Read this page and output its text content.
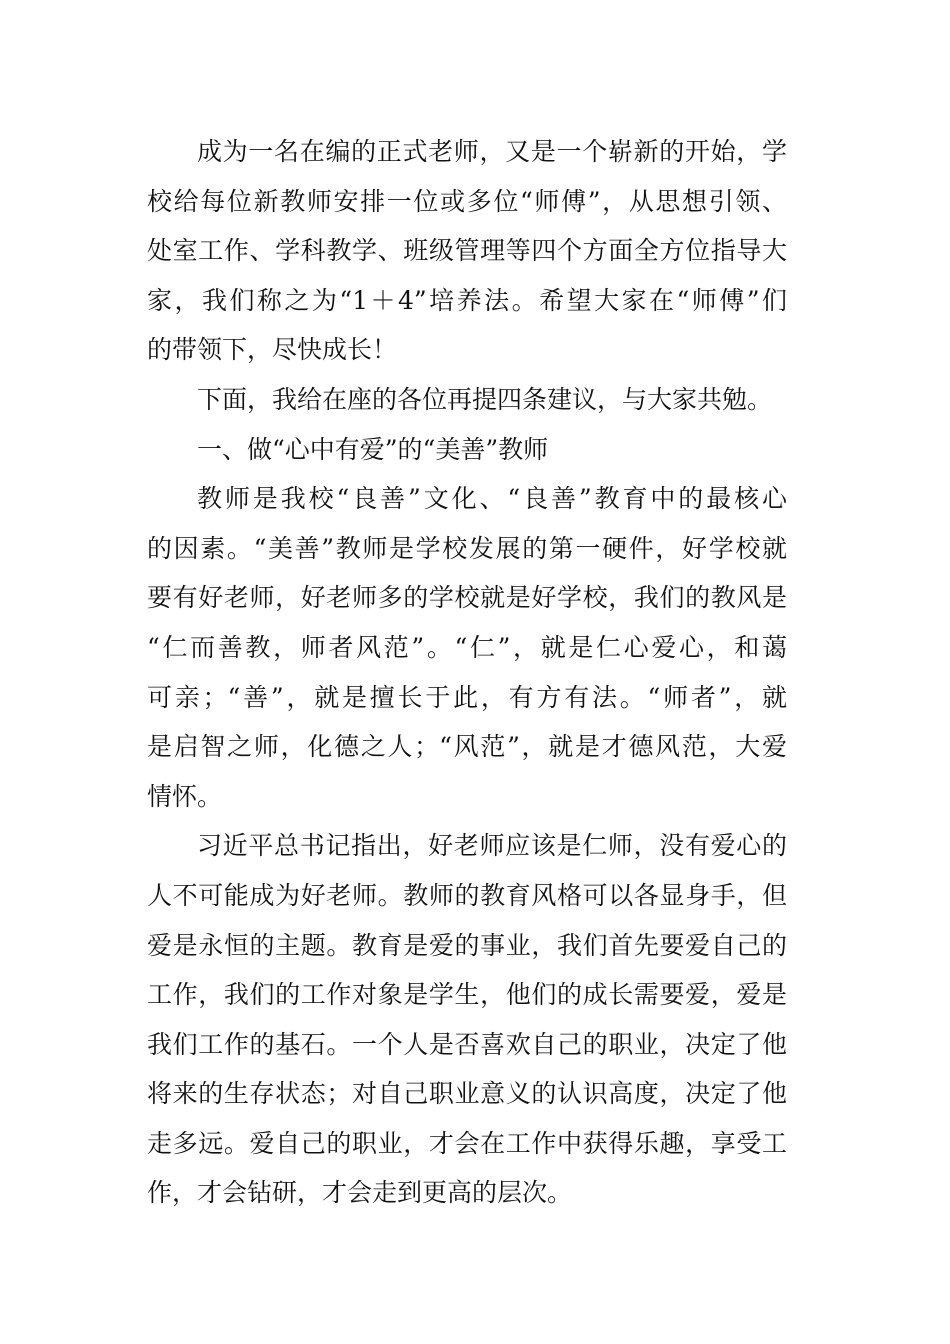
成为一名在编的正式老师，又是一个崭新的开始，学
校给每位新教师安排一位或多位“师傅”，从思想引领、
处室工作、学科教学、班级管理等四个方面全方位指导大
家，我们称之为“1＋4”培养法。希望大家在“师傅”们
的带领下，尽快成长！
下面，我给在座的各位再提四条建议，与大家共勉。
一、做“心中有爱”的“美善”教师
教师是我校“良善”文化、“良善”教育中的最核心
的因素。“美善”教师是学校发展的第一硬件，好学校就
要有好老师，好老师多的学校就是好学校，我们的教风是
“仁而善教，师者风范”。“仁”，就是仁心爱心，和蔼
可亲；“善”，就是擅长于此，有方有法。“师者”，就
是启智之师，化德之人；“风范”，就是才德风范，大爱
情怀。
习近平总书记指出，好老师应该是仁师，没有爱心的
人不可能成为好老师。教师的教育风格可以各显身手，但
爱是永恒的主题。教育是爱的事业，我们首先要爱自己的
工作，我们的工作对象是学生，他们的成长需要爱，爱是
我们工作的基石。一个人是否喜欢自己的职业，决定了他
将来的生存状态；对自己职业意义的认识高度，决定了他
走多远。爱自己的职业，才会在工作中获得乐趣，享受工
作，才会钻研，才会走到更高的层次。
